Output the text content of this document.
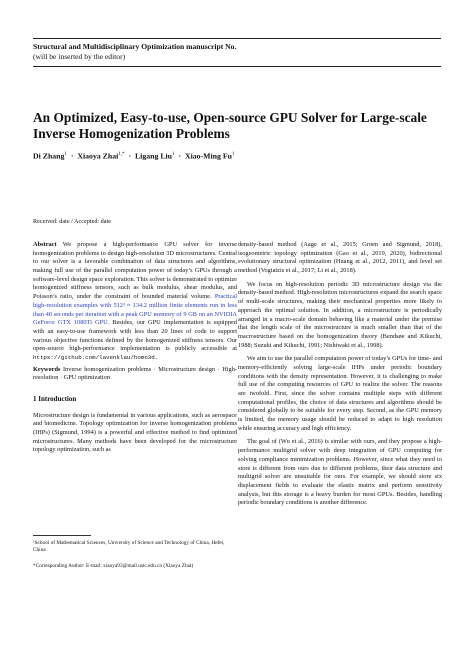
Structural and Multidisciplinary Optimization manuscript No.
(will be inserted by the editor)
An Optimized, Easy-to-use, Open-source GPU Solver for Large-scale
Inverse Homogenization Problems
Di Zhang$^1$ · Xiaoya Zhai$^{1,*}$ · Ligang Liu$^1$ · Xiao-Ming Fu$^1$
Received: date / Accepted: date

Abstract We propose a high-performance GPU solver for inverse homogenization problems to design high-resolution 3D microstructures. Central to our solver is a favorable combination of data structures and algorithms, making full use of the parallel computation power of today’s GPUs through a software-level design space exploration. This solver is demonstrated to optimize homogenized stiffness tensors, such as bulk modulus, shear modulus, and Poisson’s ratio, under the constraint of bounded material volume. Practical high-resolution examples with 512³ ≈ 134.2 million finite elements run in less than 40 seconds per iteration with a peak GPU memory of 9 GB on an NVIDIA GeForce GTX 1080Ti GPU. Besides, our GPU implementation is equipped with an easy-to-use framework with less than 20 lines of code to support various objective functions defined by the homogenized stiffness tensors. Our open-source high-performance implementation is publicly accessible at https://github.com/lavenklau/homo3d.

Keywords Inverse homogenization problems · Microstructure design · High-resolution · GPU optimization

1 Introduction

Microstructure design is fundamental in various applications, such as aerospace and biomedicine. Topology optimization for inverse homogenization problems (IHPs) (Sigmund, 1994) is a powerful and effective method to find optimized microstructures. Many methods have been developed for the microstructure topology optimization, such as

¹School of Mathematical Sciences, University of Science and Technology of China, Hefei, China
*Corresponding Author: E-mail: xiaoya93@mail.ustc.edu.cn (Xiaoya Zhai)

density-based method (Aage et al., 2015; Groen and Sigmund, 2018), isogeometric topology optimization (Gao et al., 2019, 2020), bidirectional evolutionary structural optimization (Huang et al., 2012, 2011), and level set method (Vogiatzis et al., 2017; Li et al., 2018).

We focus on high-resolution periodic 3D microstructure design via the density-based method. High-resolution microstructures expand the search space of multi-scale structures, making their mechanical properties more likely to approach the optimal solution. In addition, a microstructure is periodically arranged in a macro-scale domain behaving like a material under the premise that the length scale of the microstructure is much smaller than that of the macrostructure based on the homogenization theory (Bendsøe and Kikuchi, 1988; Suzuki and Kikuchi, 1991; Nishiwaki et al., 1998).

We aim to use the parallel computation power of today’s GPUs for time- and memory-efficiently solving large-scale IHPs under periodic boundary conditions with the density representation. However, it is challenging to make full use of the computing resources of GPU to realize the solver. The reasons are twofold. First, since the solver contains multiple steps with different computational profiles, the choice of data structures and algorithms should be considered globally to be suitable for every step. Second, as the GPU memory is limited, the memory usage should be reduced to adapt to high resolution while ensuring accuracy and high efficiency.

The goal of (Wu et al., 2016) is similar with ours, and they propose a high-performance multigrid solver with deep integration of GPU computing for solving compliance minimization problems. However, since what they need to store is different from ours due to different problems, their data structure and multigrid solver are unsuitable for ours. For example, we should store six displacement fields to evaluate the elastic matrix and perform sensitivity analysis, but this storage is a heavy burden for most GPUs. Besides, handling periodic boundary conditions is another difference.
